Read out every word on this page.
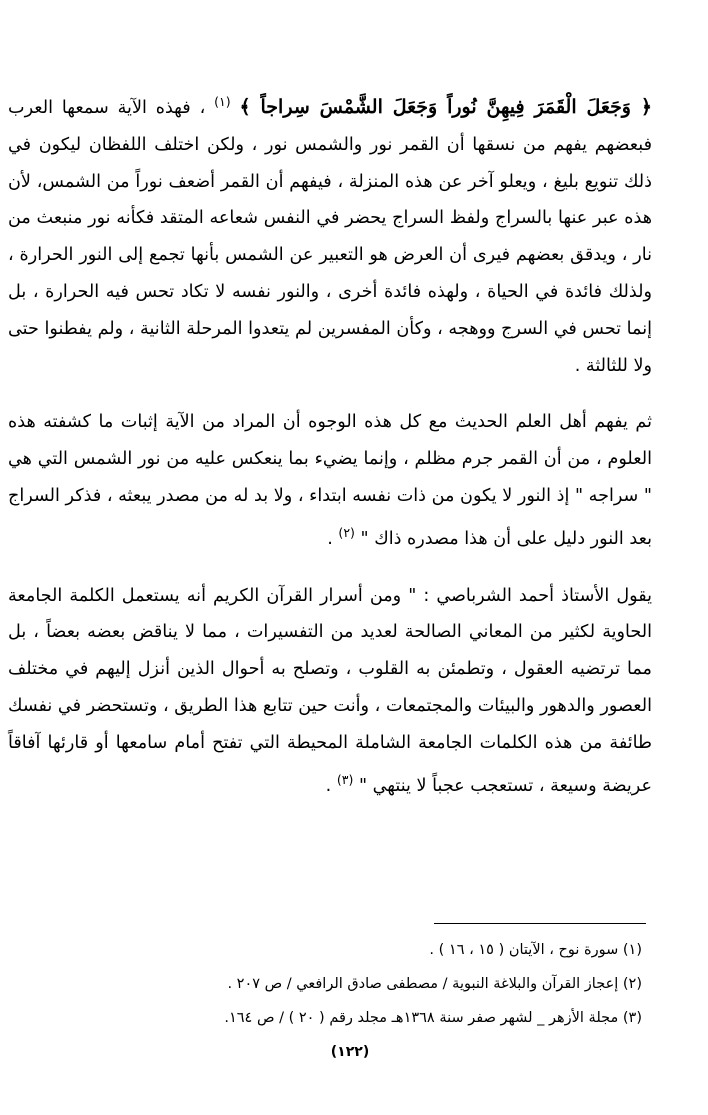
﴿ وَجَعَلَ الْقَمَرَ فِيهِنَّ نُوراً وَجَعَلَ الشَّمْسَ سِراجاً ﴾ $^{(١)}$ ، فهذه الآية سمعها العرب فبعضهم يفهم من نسقها أن القمر نور والشمس نور ، ولكن اختلف اللفظان ليكون في ذلك تنويع بليغ ، ويعلو آخر عن هذه المنزلة ، فيفهم أن القمر أضعف نوراً من الشمس، لأن هذه عبر عنها بالسراج ولفظ السراج يحضر في النفس شعاعه المتقد فكأنه نور منبعث من نار ، ويدقق بعضهم فيرى أن العرض هو التعبير عن الشمس بأنها تجمع إلى النور الحرارة ، ولذلك فائدة في الحياة ، ولهذه فائدة أخرى ، والنور نفسه لا تكاد تحس فيه الحرارة ، بل إنما تحس في السرج ووهجه ، وكأن المفسرين لم يتعدوا المرحلة الثانية ، ولم يفطنوا حتى ولا للثالثة .

ثم يفهم أهل العلم الحديث مع كل هذه الوجوه أن المراد من الآية إثبات ما كشفته هذه العلوم ، من أن القمر جرم مظلم ، وإنما يضيء بما ينعكس عليه من نور الشمس التي هي " سراجه " إذ النور لا يكون من ذات نفسه ابتداء ، ولا بد له من مصدر يبعثه ، فذكر السراج بعد النور دليل على أن هذا مصدره ذاك " $^{(٢)}$ .

يقول الأستاذ أحمد الشرباصي : " ومن أسرار القرآن الكريم أنه يستعمل الكلمة الجامعة الحاوية لكثير من المعاني الصالحة لعديد من التفسيرات ، مما لا يناقض بعضه بعضاً ، بل مما ترتضيه العقول ، وتطمئن به القلوب ، وتصلح به أحوال الذين أنزل إليهم في مختلف العصور والدهور والبيئات والمجتمعات ، وأنت حين تتابع هذا الطريق ، وتستحضر في نفسك طائفة من هذه الكلمات الجامعة الشاملة المحيطة التي تفتح أمام سامعها أو قارئها آفاقاً عريضة وسيعة ، تستعجب عجباً لا ينتهي " $^{(٣)}$ .

(١) سورة نوح ، الآيتان ( ١٥ ، ١٦ ) .

(٢) إعجاز القرآن والبلاغة النبوية / مصطفى صادق الرافعي / ص ٢٠٧ .

(٣) مجلة الأزهر _ لشهر صفر سنة ١٣٦٨هـ مجلد رقم ( ٢٠ ) / ص ١٦٤.

(١٢٢)
